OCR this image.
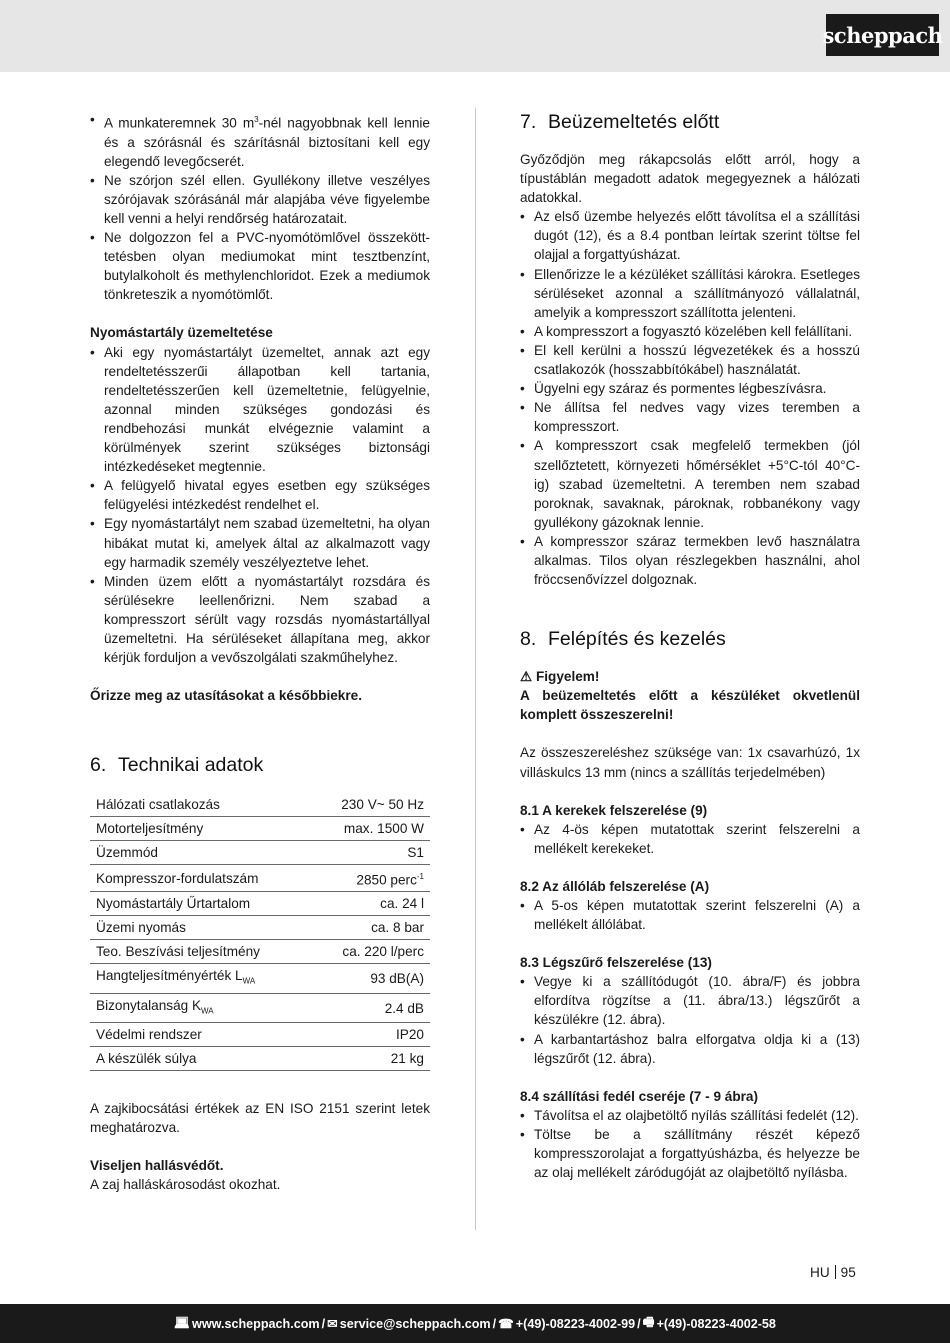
scheppach
• A munkateremnek 30 $m^3$-nél nagyobbnak kell lennie és a szórásnál és szárításnál biztosítani kell egy elegendő levegőcserét.
• Ne szórjon szél ellen. Gyullékony illetve veszélyes szórójavak szórásánál már alapjába véve figyelembe kell venni a helyi rendőrség határozatait.
• Ne dolgozzon fel a PVC-nyomótömlővel összekött-tetésben olyan mediumokat mint tesztbenzínt, butylalkoholt és methylenchloridot. Ezek a mediumok tönkreteszik a nyomótömlőt.

Nyomástartály üzemeltetése

• Aki egy nyomástartályt üzemeltet, annak azt egy rendeltetésszerűi állapotban kell tartania, rendeltetésszerűen kell üzemeltetnie, felügyelnie, azonnal minden szükséges gondozási és rendbehozási munkát elvégeznie valamint a körülmények szerint szükséges biztonsági intézkedéseket megtennie.
• A felügyelő hivatal egyes esetben egy szükséges felügyelési intézkedést rendelhet el.
• Egy nyomástartályt nem szabad üzemeltetni, ha olyan hibákat mutat ki, amelyek által az alkalmazott vagy egy harmadik személy veszélyeztetve lehet.
• Minden üzem előtt a nyomástartályt rozsdára és sérülésekre leellenőrizni. Nem szabad a kompresszort sérült vagy rozsdás nyomástartállyal üzemeltetni. Ha sérüléseket állapítana meg, akkor kérjük forduljon a vevőszolgálati szakműhelyhez.

Őrizze meg az utasításokat a későbbiekre.

6. Technikai adatok
Hálózati csatlakozás	230 V~ 50 Hz
Motorteljesítmény	max. 1500 W
Üzemmód	S1
Kompresszor-fordulatszám	2850 perc$^{-1}$
Nyomástartály Űrtartalom	ca. 24 l
Üzemi nyomás	ca. 8 bar
Teo. Beszívási teljesítmény	ca. 220 l/perc
Hangteljesítményérték $L_{WA}$	93 dB(A)
Bizonytalanság $K_{WA}$	2.4 dB
Védelmi rendszer	IP20
A készülék súlya	21 kg

A zajkibocsátási értékek az EN ISO 2151 szerint letek meghatározva.

Viseljen hallásvédőt.

A zaj halláskárosodást okozhat.

7. Beüzemeltetés előtt

Győződjön meg rákapcsolás előtt arról, hogy a típustáblán megadott adatok megegyeznek a hálózati adatokkal.

• Az első üzembe helyezés előtt távolítsa el a szállítási dugót (12), és a 8.4 pontban leírtak szerint töltse fel olajjal a forgattyúsházat.
• Ellenőrizze le a kézüléket szállítási károkra. Esetleges sérüléseket azonnal a szállítmányozó vállalatnál, amelyik a kompresszort szállította jelenteni.
• A kompresszort a fogyasztó közelében kell felállítani.
• El kell kerülni a hosszú légvezetékek és a hosszú csatlakozók (hosszabbítókábel) használatát.
• Ügyelni egy száraz és pormentes légbeszívásra.
• Ne állítsa fel nedves vagy vizes teremben a kompresszort.
• A kompresszort csak megfelelő termekben (jól szellőztetett, környezeti hőmérséklet +5°C-tól 40°C-ig) szabad üzemeltetni. A teremben nem szabad poroknak, savaknak, pároknak, robbanékony vagy gyullékony gázoknak lennie.
• A kompresszor száraz termekben levő használatra alkalmas. Tilos olyan részlegekben használni, ahol fröccsenővízzel dolgoznak.
8. Felépítés és kezelés

⚠ Figyelem!

A beüzemeltetés előtt a készüléket okvetlenül komplett összeszerelni!

Az összeszereléshez szüksége van: 1x csavarhúzó, 1x villáskulcs 13 mm (nincs a szállítás terjedelmében)

8.1 A kerekek felszerelése (9)

• Az 4-ös képen mutatottak szerint felszerelni a mellékelt kerekeket.

8.2 Az állóláb felszerelése (A)

• A 5-os képen mutatottak szerint felszerelni (A) a mellékelt állólábat.

8.3 Légszűrő felszerelése (13)

• Vegye ki a szállítódugót (10. ábra/F) és jobbra elfordítva rögzítse a (11. ábra/13.) légszűrőt a készülékre (12. ábra).
• A karbantartáshoz balra elforgatva oldja ki a (13) légszűrőt (12. ábra).

8.4 szállítási fedél cseréje (7 - 9 ábra)

• Távolítsa el az olajbetöltő nyílás szállítási fedelét (12).
• Töltse be a szállítmány részét képező kompresszorolajat a forgattyúsházba, és helyezze be az olaj mellékelt záródugóját az olajbetöltő nyílásba.
HU 95
💻︎ www.scheppach.com / ✉︎ service@scheppach.com / ☎ +(49)-08223-4002-99 / 🖷︎ +(49)-08223-4002-58
